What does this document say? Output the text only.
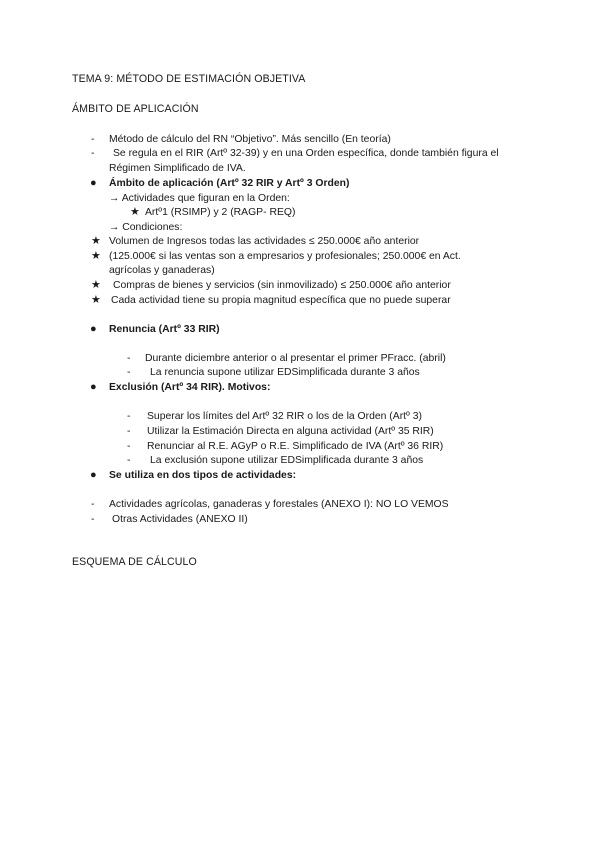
TEMA 9: MÉTODO DE ESTIMACIÓN OBJETIVA
ÁMBITO DE APLICACIÓN
- Método de cálculo del RN “Objetivo”. Más sencillo (En teoría)
- Se regula en el RIR (Artº 32-39) y en una Orden específica, donde también figura el
Régimen Simplificado de IVA.
● Ámbito de aplicación (Artº 32 RIR y Artº 3 Orden)
→ Actividades que figuran en la Orden:
★ Artº1 (RSIMP) y 2 (RAGP- REQ)
→ Condiciones:
★ Volumen de Ingresos todas las actividades ≤ 250.000€ año anterior
★ (125.000€ si las ventas son a empresarios y profesionales; 250.000€ en Act.
agrícolas y ganaderas)
★ Compras de bienes y servicios (sin inmovilizado) ≤ 250.000€ año anterior
★ Cada actividad tiene su propia magnitud específica que no puede superar
● Renuncia (Artº 33 RIR)
- Durante diciembre anterior o al presentar el primer PFracc. (abril)
- La renuncia supone utilizar EDSimplificada durante 3 años
● Exclusión (Artº 34 RIR). Motivos:
- Superar los límites del Artº 32 RIR o los de la Orden (Artº 3)
- Utilizar la Estimación Directa en alguna actividad (Artº 35 RIR)
- Renunciar al R.E. AGyP o R.E. Simplificado de IVA (Artº 36 RIR)
- La exclusión supone utilizar EDSimplificada durante 3 años
● Se utiliza en dos tipos de actividades:
- Actividades agrícolas, ganaderas y forestales (ANEXO I): NO LO VEMOS
- Otras Actividades (ANEXO II)
ESQUEMA DE CÁLCULO
